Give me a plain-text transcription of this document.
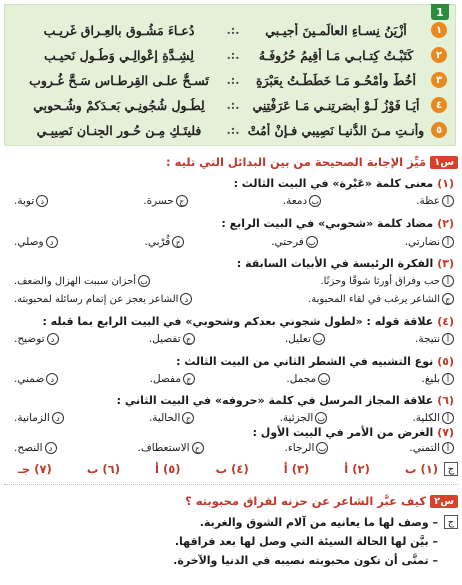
1
١
أَزْيَنُ نِسـاءِ العالَمـينَ أجيـبي
.:.
دُعـاءَ مَشُـوقٍ بالعِـراقِ غَريـبِ
٢
كَتَبْـتُ كِتـابـي مَـا أُقِيمُ حُرُوفَـهُ
.:.
لِشِـدَّةِ إعْوالِـي وَطُـولِ نَحيـبِ
٣
أخُطُّ وأمْحُـو مَـا خَطَطْـتُ بِعَبْرَةٍ
.:.
تَسـحُّ علـى القِرطـاسِ سَـحَّ غُـروبِ
٤
أيَـا فَوْزُ لَـوْ أبصَرتِنـي مَـا عَرَفْتِنِي
.:.
لِطُـولِ شُجُونِـي بَعـدَكمْ وشُـحوبِي
٥
وأنـتِ مـنَ الدُّنيـا نَصِيبي فـإنْ أمُتْ
.:.
فليتَـكِ مِـن حُـورِ الجِنـانِ نَصِيبِـي
س١
مَيِّز الإجابة الصحيحة من بين البدائل التي تليه :
(١)
معنى كلمة «عَبْرة» في البيت الثالث :
أ
عظة.
ب
دمعة.
ج
حسرة.
د
توبة.
(٢)
مضاد كلمة «شحوبي» في البيت الرابع :
أ
نضارتي.
ب
فرحتي.
ج
قُرْبي.
د
وصلي.
(٣)
الفكرة الرئيسة في الأبيات السابقة :
أ
حب وفراق أورثا شوقًا وحزنًا.
ب
أحزان سببت الهزال والضعف.
ج
الشاعر يرغب في لقاء المحبوبة.
د
الشاعر يعجز عن إتمام رسائله لمحبوبته.
(٤)
علاقة قوله : «لطول شجوني بعدكم وشحوبي» في البيت الرابع بما قبله :
أ
نتيجة.
ب
تعليل.
ج
تفصيل.
د
توضيح.
(٥)
نوع التشبيه في الشطر الثاني من البيت الثالث :
أ
بليغ.
ب
مجمل.
ج
مفصل.
د
ضمني.
(٦)
علاقة المجاز المرسل في كلمة «حروفه» في البيت الثاني :
أ
الكلية.
ب
الجزئية.
ج
الحالية.
د
الزمانية.
(٧)
الغرض من الأمر في البيت الأول :
أ
التمني.
ب
الرجاء.
ج
الاستعطاف.
د
النصح.
ج
(١) ب
(٢) أ
(٣) أ
(٤) ب
(٥) أ
(٦) ب
(٧) جـ
س٢
كيف عبَّر الشاعر عن حزنه لفراق محبوبته ؟
ج
– وصف لها ما يعانيه من آلام الشوق والغربة.
– بيَّن لها الحالة السيئة التي وصل لها بعد فراقها.
– تمنَّى أن تكون محبوبته نصيبه في الدنيا والآخرة.
